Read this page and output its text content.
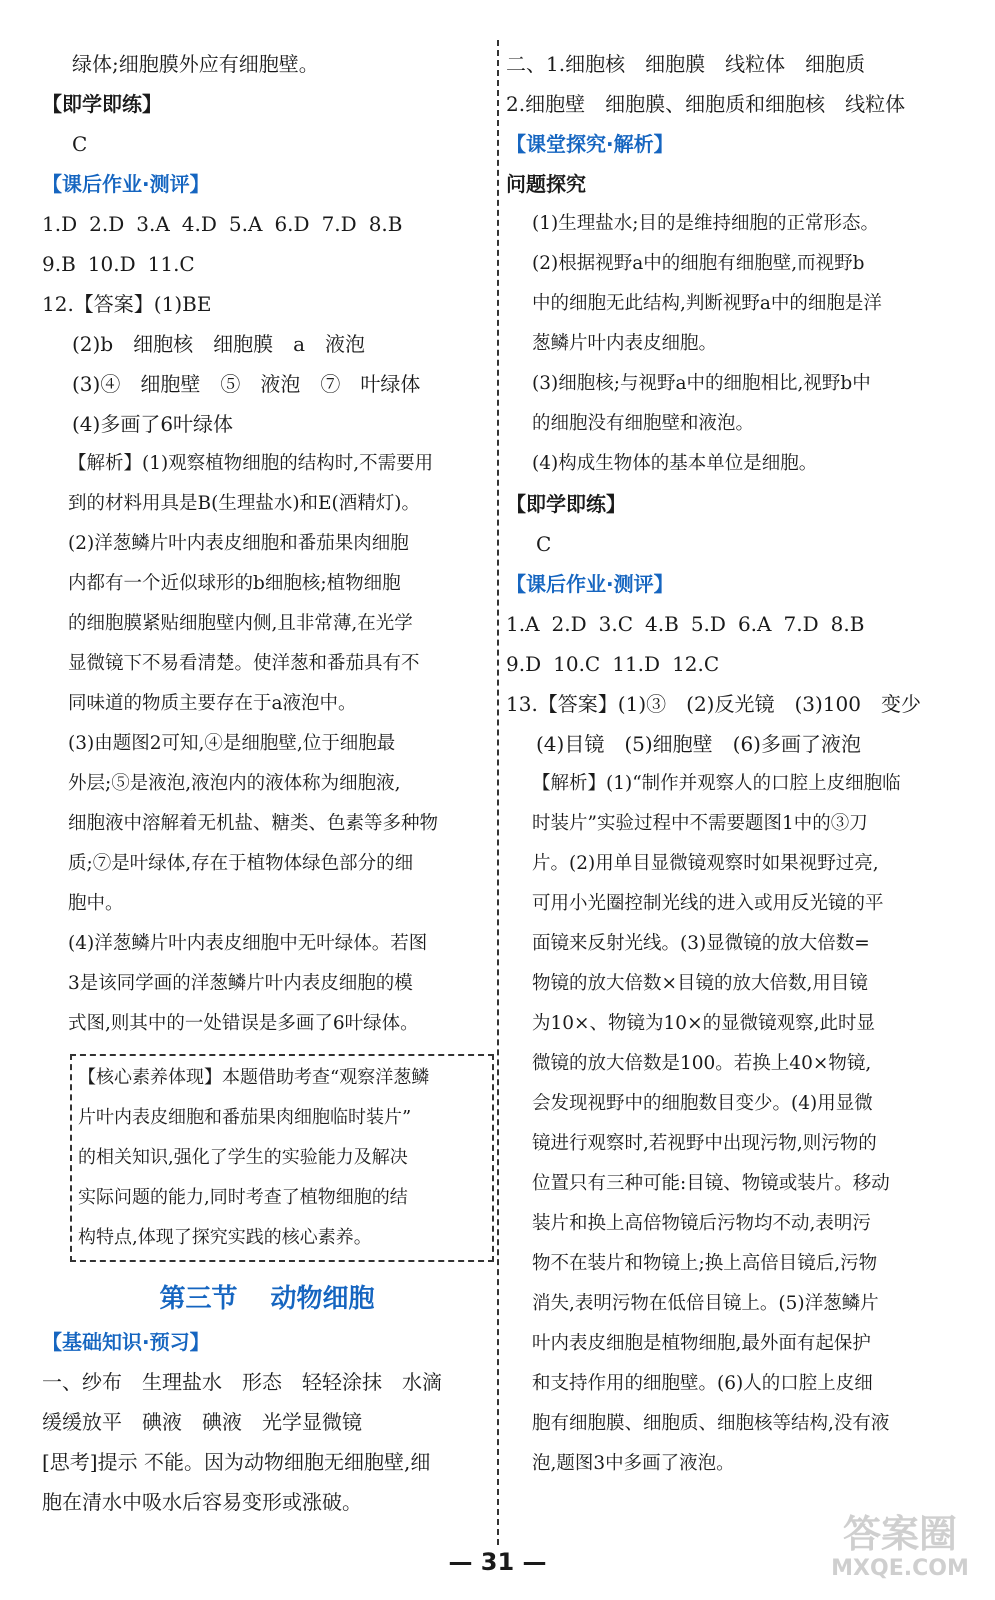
绿体;细胞膜外应有细胞壁。
【即学即练】
C
【课后作业·测评】
1.D 2.D 3.A 4.D 5.A 6.D 7.D 8.B
9.B 10.D 11.C
12.【答案】(1)BE
(2)b　细胞核　细胞膜　a　液泡
(3)④　细胞壁　⑤　液泡　⑦　叶绿体
(4)多画了6叶绿体
【解析】(1)观察植物细胞的结构时,不需要用
到的材料用具是B(生理盐水)和E(酒精灯)。
(2)洋葱鳞片叶内表皮细胞和番茄果肉细胞
内都有一个近似球形的b细胞核;植物细胞
的细胞膜紧贴细胞壁内侧,且非常薄,在光学
显微镜下不易看清楚。使洋葱和番茄具有不
同味道的物质主要存在于a液泡中。
(3)由题图2可知,④是细胞壁,位于细胞最
外层;⑤是液泡,液泡内的液体称为细胞液,
细胞液中溶解着无机盐、糖类、色素等多种物
质;⑦是叶绿体,存在于植物体绿色部分的细
胞中。
(4)洋葱鳞片叶内表皮细胞中无叶绿体。若图
3是该同学画的洋葱鳞片叶内表皮细胞的模
式图,则其中的一处错误是多画了6叶绿体。
【核心素养体现】本题借助考查“观察洋葱鳞
片叶内表皮细胞和番茄果肉细胞临时装片”
的相关知识,强化了学生的实验能力及解决
实际问题的能力,同时考查了植物细胞的结
构特点,体现了探究实践的核心素养。
第三节 动物细胞
【基础知识·预习】
一、纱布　生理盐水　形态　轻轻涂抹　水滴
缓缓放平　碘液　碘液　光学显微镜
[思考]提示 不能。因为动物细胞无细胞壁,细
胞在清水中吸水后容易变形或涨破。
二、1.细胞核　细胞膜　线粒体　细胞质
2.细胞壁　细胞膜、细胞质和细胞核　线粒体
【课堂探究·解析】
问题探究
(1)生理盐水;目的是维持细胞的正常形态。
(2)根据视野a中的细胞有细胞壁,而视野b
中的细胞无此结构,判断视野a中的细胞是洋
葱鳞片叶内表皮细胞。
(3)细胞核;与视野a中的细胞相比,视野b中
的细胞没有细胞壁和液泡。
(4)构成生物体的基本单位是细胞。
【即学即练】
C
【课后作业·测评】
1.A 2.D 3.C 4.B 5.D 6.A 7.D 8.B
9.D 10.C 11.D 12.C
13.【答案】(1)③　(2)反光镜　(3)100　变少
(4)目镜　(5)细胞壁　(6)多画了液泡
【解析】(1)“制作并观察人的口腔上皮细胞临
时装片”实验过程中不需要题图1中的③刀
片。(2)用单目显微镜观察时如果视野过亮,
可用小光圈控制光线的进入或用反光镜的平
面镜来反射光线。(3)显微镜的放大倍数=
物镜的放大倍数×目镜的放大倍数,用目镜
为10×、物镜为10×的显微镜观察,此时显
微镜的放大倍数是100。若换上40×物镜,
会发现视野中的细胞数目变少。(4)用显微
镜进行观察时,若视野中出现污物,则污物的
位置只有三种可能:目镜、物镜或装片。移动
装片和换上高倍物镜后污物均不动,表明污
物不在装片和物镜上;换上高倍目镜后,污物
消失,表明污物在低倍目镜上。(5)洋葱鳞片
叶内表皮细胞是植物细胞,最外面有起保护
和支持作用的细胞壁。(6)人的口腔上皮细
胞有细胞膜、细胞质、细胞核等结构,没有液
泡,题图3中多画了液泡。
— 31 —
答案圈
MXQE.COM
